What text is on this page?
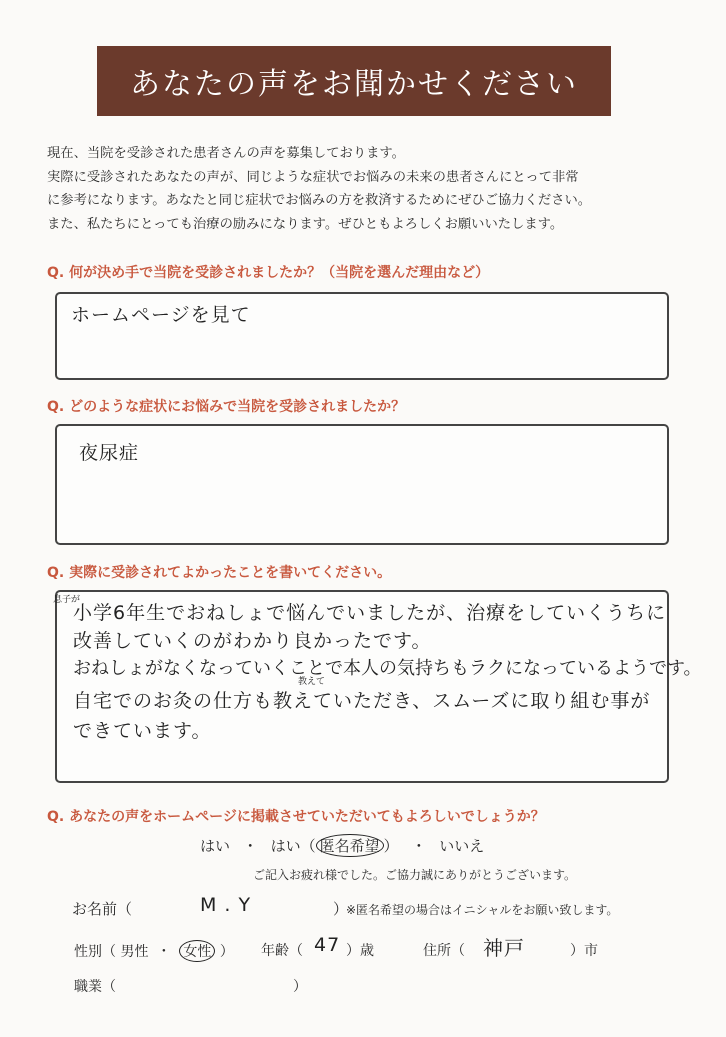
あなたの声をお聞かせください
現在、当院を受診された患者さんの声を募集しております。
実際に受診されたあなたの声が、同じような症状でお悩みの未来の患者さんにとって非常
に参考になります。あなたと同じ症状でお悩みの方を救済するためにぜひご協力ください。
また、私たちにとっても治療の励みになります。ぜひともよろしくお願いいたします。
Q. 何が決め手で当院を受診されましたか？（当院を選んだ理由など）
ホームページを見て
Q. どのような症状にお悩みで当院を受診されましたか？
夜尿症
Q. 実際に受診されてよかったことを書いてください。
息子が
教えて
小学6年生でおねしょで悩んでいましたが、治療をしていくうちに
改善していくのがわかり良かったです。
おねしょがなくなっていくことで本人の気持ちもラクになっているようです。
自宅でのお灸の仕方も教えていただき、スムーズに取り組む事が
できています。
Q. あなたの声をホームページに掲載させていただいてもよろしいでしょうか？
はい ・ はい（ 匿名希望 ） ・ いいえ
ご記入お疲れ様でした。ご協力誠にありがとうございます。
お名前（	M . Y	）
※匿名希望の場合はイニシャルをお願い致します。
性別（ 男性 ・ 女性 ） 年齢（ 47 ）歳	住所（ 神戸	）市
職業（	）
